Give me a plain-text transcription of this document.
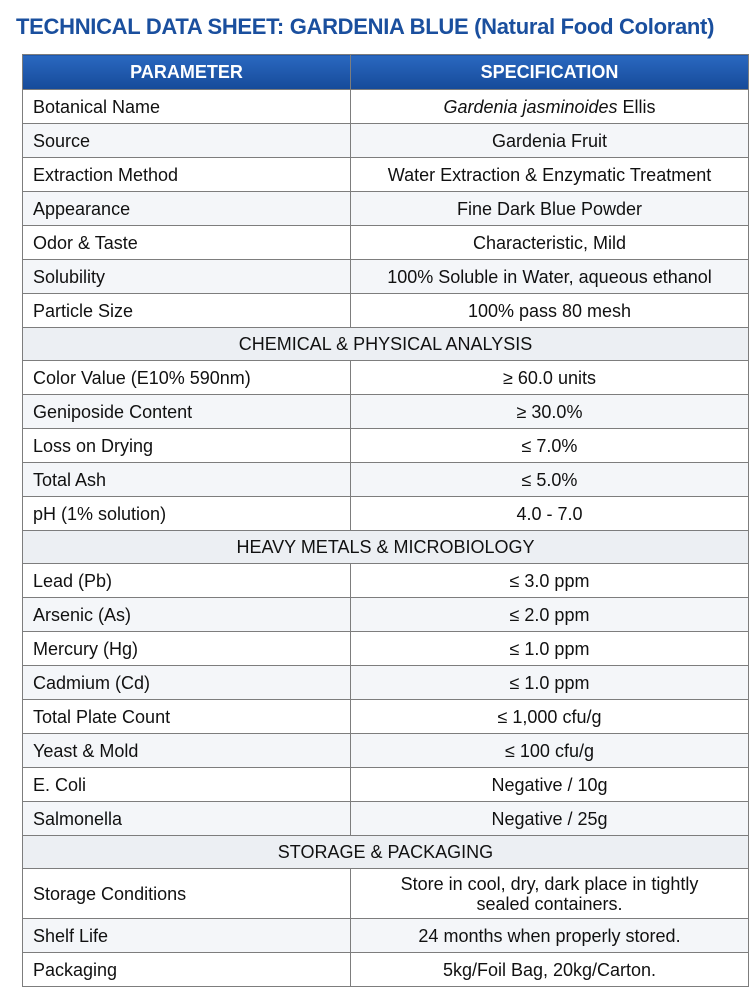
TECHNICAL DATA SHEET: GARDENIA BLUE (Natural Food Colorant)
PARAMETER	SPECIFICATION
Botanical Name	Gardenia jasminoides Ellis
Source	Gardenia Fruit
Extraction Method	Water Extraction & Enzymatic Treatment
Appearance	Fine Dark Blue Powder
Odor & Taste	Characteristic, Mild
Solubility	100% Soluble in Water, aqueous ethanol
Particle Size	100% pass 80 mesh
CHEMICAL & PHYSICAL ANALYSIS	
Color Value (E10% 590nm)	≥ 60.0 units
Geniposide Content	≥ 30.0%
Loss on Drying	≤ 7.0%
Total Ash	≤ 5.0%
pH (1% solution)	4.0 - 7.0
HEAVY METALS & MICROBIOLOGY	
Lead (Pb)	≤ 3.0 ppm
Arsenic (As)	≤ 2.0 ppm
Mercury (Hg)	≤ 1.0 ppm
Cadmium (Cd)	≤ 1.0 ppm
Total Plate Count	≤ 1,000 cfu/g
Yeast & Mold	≤ 100 cfu/g
E. Coli	Negative / 10g
Salmonella	Negative / 25g
STORAGE & PACKAGING	
Storage Conditions	Store in cool, dry, dark place in tightly
sealed containers.
Shelf Life	24 months when properly stored.
Packaging	5kg/Foil Bag, 20kg/Carton.
